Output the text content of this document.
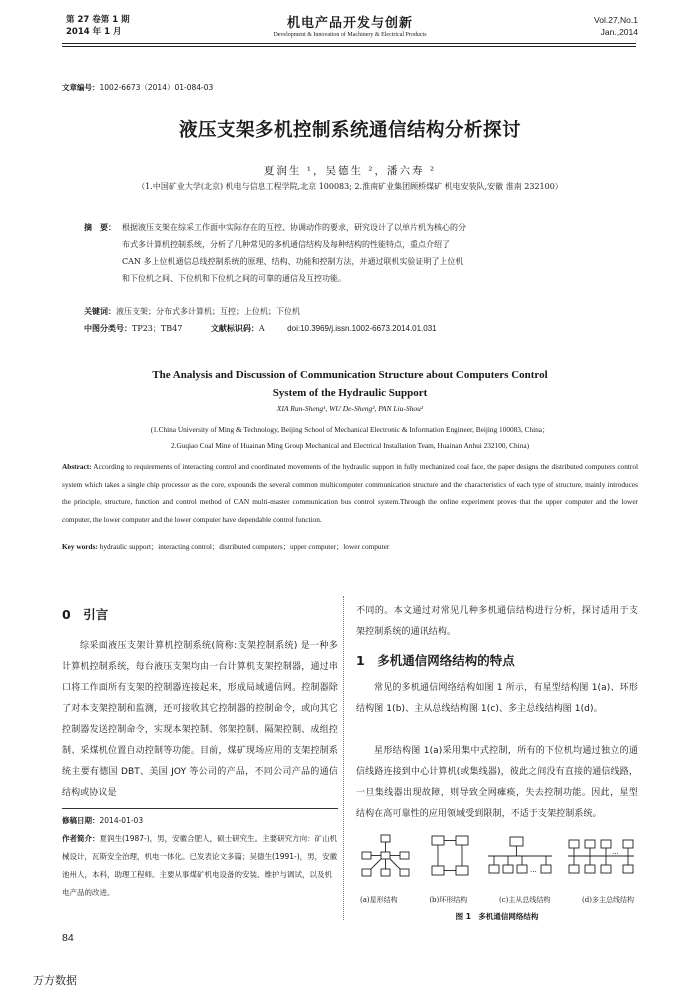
第 27 卷第 1 期
2014 年 1 月
机电产品开发与创新
Development & Innovation of Machinery & Electrical Products
Vol.27,No.1
Jan.,2014
文章编号：1002-6673（2014）01-084-03
液压支架多机控制系统通信结构分析探讨
夏润生 ¹，吴德生 ²，潘六寿 ²
（1.中国矿业大学(北京) 机电与信息工程学院,北京 100083; 2.淮南矿业集团顾桥煤矿 机电安装队,安徽 淮南 232100）
摘　要： 根据液压支架在综采工作面中实际存在的互控、协调动作的要求，研究设计了以单片机为核心的分
布式多计算机控制系统，分析了几种常见的多机通信结构及每种结构的性能特点，重点介绍了
CAN 多上位机通信总线控制系统的原理、结构、功能和控制方法，并通过联机实验证明了上位机
和下位机之间、下位机和下位机之间的可靠的通信及互控功能。
关键词：液压支架；分布式多计算机；互控；上位机；下位机
中图分类号：TP23；TB47	文献标识码：A	doi:10.3969/j.issn.1002-6673.2014.01.031
The Analysis and Discussion of Communication Structure about Computers Control
System of the Hydraulic Support
XIA Run-Sheng¹, WU De-Sheng², PAN Liu-Shou²
(1.China University of Ming & Technology, Beijing School of Mechanical Electronic & Information Engineer, Beijing 100083, China；
2.Guqiao Coal Mine of Huainan Ming Group Mechanical and Electrical Installation Team, Huainan Anhui 232100, China)
Abstract: According to requirements of interacting control and coordinated movements of the hydraulic support in fully mechanized coal face, the paper designs the distributed computers control system which takes a single chip processor as the core, expounds the several common multicomputer communication structure and the characteristics of each type of structure, mainly introduces the principle, structure, function and control method of CAN multi-master communication bus control system.Through the online experiment proves that the upper computer and the lower computer, the lower computer and the lower computer have dependable control function.
Key words: hydraulic support；interacting control；distributed computers；upper computer；lower computer
0　引言
综采面液压支架计算机控制系统(简称:支架控制系统) 是一种多计算机控制系统，每台液压支架均由一台计算机支架控制器，通过串口将工作面所有支架的控制器连接起来，形成局域通信网。控制器除了对本支架控制和监测，还可接收其它控制器的控制命令，或向其它控制器发送控制命令，实现本架控制、邻架控制、隔架控制、成组控制、采煤机位置自动控制等功能。目前，煤矿现场应用的支架控制系统主要有德国 DBT、美国 JOY 等公司的产品，不同公司产品的通信结构或协议是
修稿日期：2014-01-03
作者简介：夏润生(1987-)，男，安徽合肥人，硕士研究生。主要研究方向：矿山机械设计，瓦斯安全治理，机电一体化。已发表论文多篇；吴德生(1991-)，男，安徽池州人，本科，助理工程师。主要从事煤矿机电设备的安装、维护与调试，以及机电产品的改进。
不同的。本文通过对常见几种多机通信结构进行分析，探讨适用于支架控制系统的通讯结构。
1　多机通信网络结构的特点
常见的多机通信网络结构如图 1 所示，有星型结构图 1(a)、环形结构图 1(b)、主从总线结构图 1(c)、多主总线结构图 1(d)。
星形结构图 1(a)采用集中式控制，所有的下位机均通过独立的通信线路连接到中心计算机(或集线器)，彼此之间没有直接的通信线路，一旦集线器出现故障，则导致全网瘫痪，失去控制功能。因此，星型结构在高可靠性的应用领域受到限制，不适于支架控制系统。
...
...
(a)星形结构	(b)环形结构	(c)主从总线结构	(d)多主总线结构
图 1　多机通信网络结构
84
万方数据
